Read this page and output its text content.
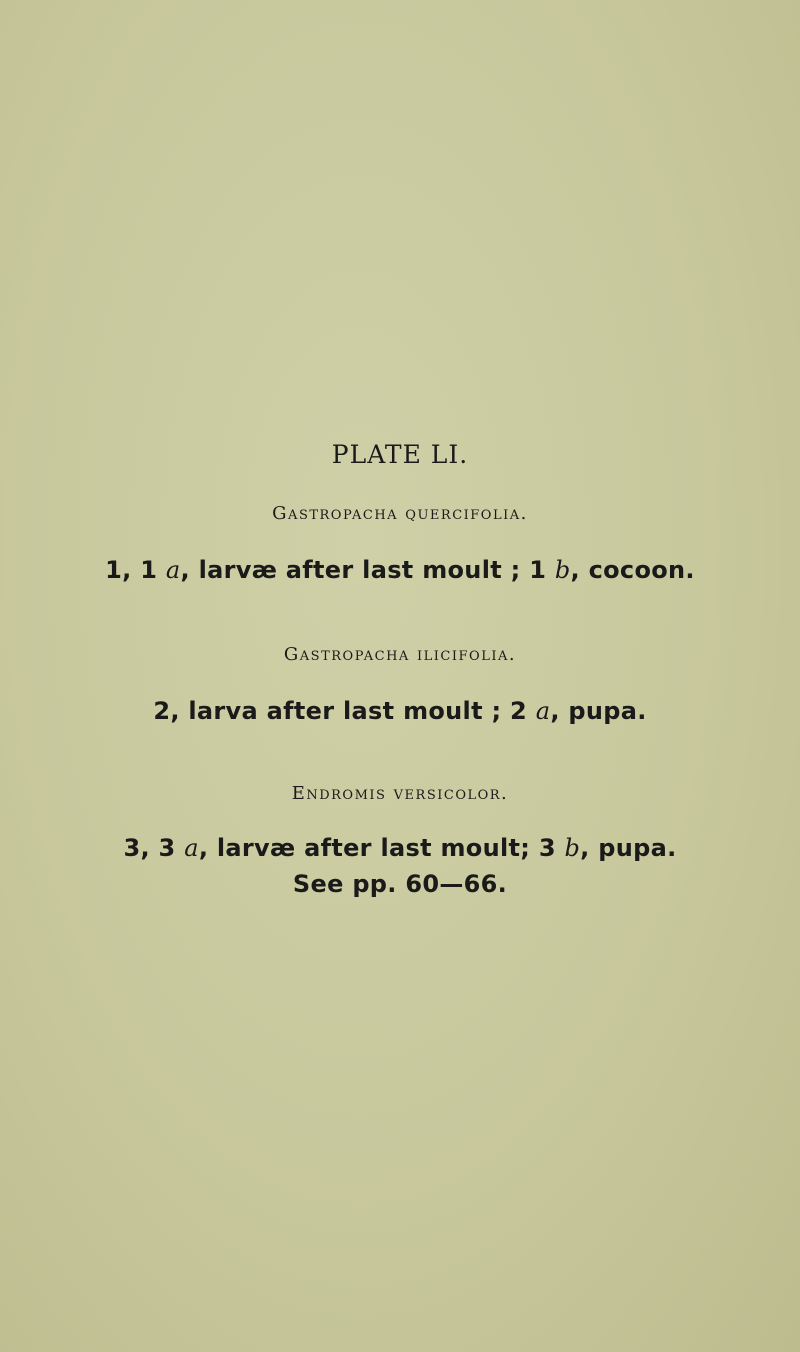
PLATE LI.
Gastropacha quercifolia.
1, 1 a, larvæ after last moult ; 1 b, cocoon.
Gastropacha ilicifolia.
2, larva after last moult ; 2 a, pupa.
Endromis versicolor.
3, 3 a, larvæ after last moult; 3 b, pupa.
See pp. 60—66.
